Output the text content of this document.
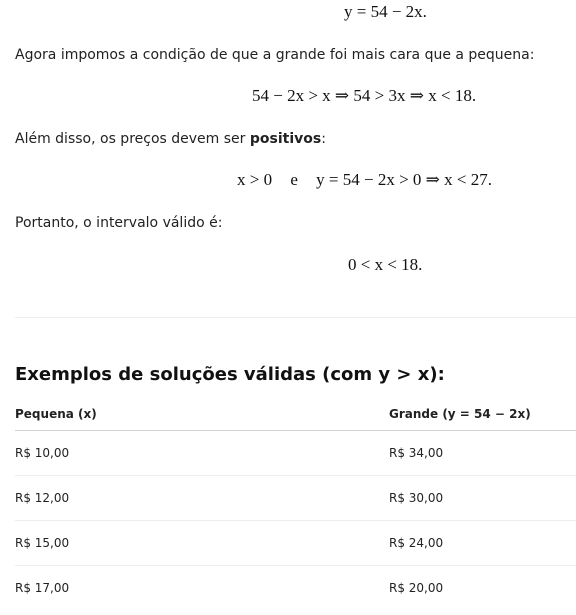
y = 54 − 2x.
Agora impomos a condição de que a grande foi mais cara que a pequena:
54 − 2x > x ⇒ 54 > 3x ⇒ x < 18.
Além disso, os preços devem ser positivos:
x > 0 e y = 54 − 2x > 0 ⇒ x < 27.
Portanto, o intervalo válido é:
0 < x < 18.
Exemplos de soluções válidas (com y > x):
Pequena (x)	Grande (y = 54 − 2x)
R$ 10,00	R$ 34,00
R$ 12,00	R$ 30,00
R$ 15,00	R$ 24,00
R$ 17,00	R$ 20,00
